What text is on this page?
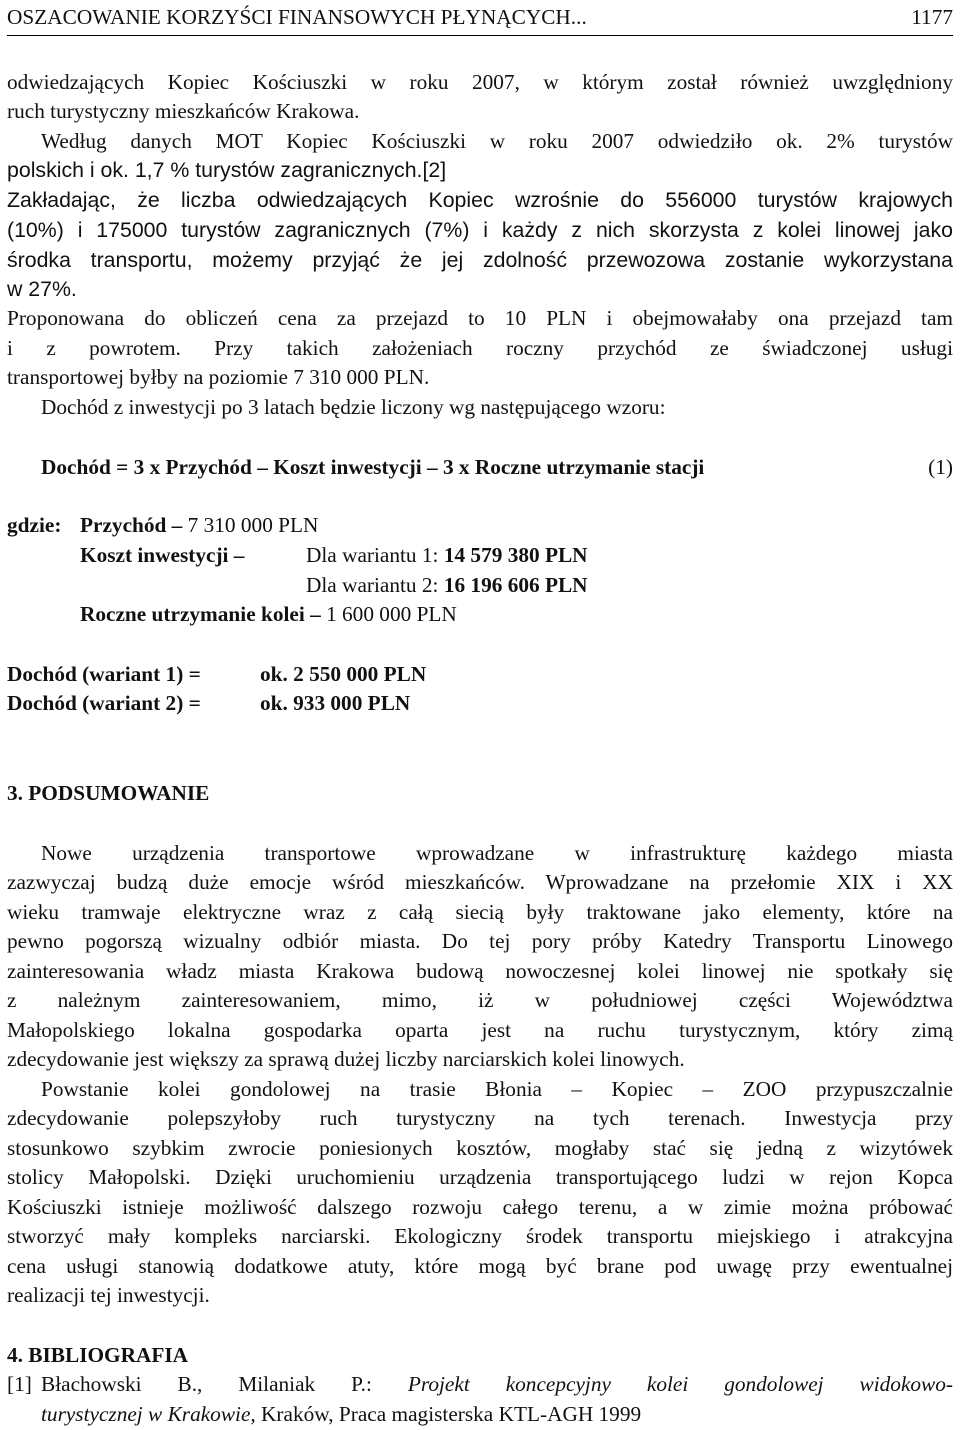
OSZACOWANIE KORZYŚCI FINANSOWYCH PŁYNĄCYCH...	1177
odwiedzających Kopiec Kościuszki w roku 2007, w którym został również uwzględniony
ruch turystyczny mieszkańców Krakowa.
Według danych MOT Kopiec Kościuszki w roku 2007 odwiedziło ok. 2% turystów
polskich i ok. 1,7 % turystów zagranicznych.[2]
Zakładając, że liczba odwiedzających Kopiec wzrośnie do 556000 turystów krajowych
(10%) i 175000 turystów zagranicznych (7%) i każdy z nich skorzysta z kolei linowej jako
środka transportu, możemy przyjąć że jej zdolność przewozowa zostanie wykorzystana
w 27%.
Proponowana do obliczeń cena za przejazd to 10 PLN i obejmowałaby ona przejazd tam
i z powrotem. Przy takich założeniach roczny przychód ze świadczonej usługi
transportowej byłby na poziomie 7 310 000 PLN.
Dochód z inwestycji po 3 latach będzie liczony wg następującego wzoru:
Dochód = 3 x Przychód – Koszt inwestycji – 3 x Roczne utrzymanie stacji	(1)
gdzie: Przychód – 7 310 000 PLN
Koszt inwestycji –	Dla wariantu 1: 14 579 380 PLN
Dla wariantu 2: 16 196 606 PLN
Roczne utrzymanie kolei – 1 600 000 PLN
Dochód (wariant 1) =	ok. 2 550 000 PLN
Dochód (wariant 2) =	ok. 933 000 PLN
3. PODSUMOWANIE
Nowe urządzenia transportowe wprowadzane w infrastrukturę każdego miasta
zazwyczaj budzą duże emocje wśród mieszkańców. Wprowadzane na przełomie XIX i XX
wieku tramwaje elektryczne wraz z całą siecią były traktowane jako elementy, które na
pewno pogorszą wizualny odbiór miasta. Do tej pory próby Katedry Transportu Linowego
zainteresowania władz miasta Krakowa budową nowoczesnej kolei linowej nie spotkały się
z należnym zainteresowaniem, mimo, iż w południowej części Województwa
Małopolskiego lokalna gospodarka oparta jest na ruchu turystycznym, który zimą
zdecydowanie jest większy za sprawą dużej liczby narciarskich kolei linowych.
Powstanie kolei gondolowej na trasie Błonia – Kopiec – ZOO przypuszczalnie
zdecydowanie polepszyłoby ruch turystyczny na tych terenach. Inwestycja przy
stosunkowo szybkim zwrocie poniesionych kosztów, mogłaby stać się jedną z wizytówek
stolicy Małopolski. Dzięki uruchomieniu urządzenia transportującego ludzi w rejon Kopca
Kościuszki istnieje możliwość dalszego rozwoju całego terenu, a w zimie można próbować
stworzyć mały kompleks narciarski. Ekologiczny środek transportu miejskiego i atrakcyjna
cena usługi stanowią dodatkowe atuty, które mogą być brane pod uwagę przy ewentualnej
realizacji tej inwestycji.
4. BIBLIOGRAFIA
[1] Błachowski B., Milaniak P.: Projekt koncepcyjny kolei gondolowej widokowo-
turystycznej w Krakowie, Kraków, Praca magisterska KTL-AGH 1999
